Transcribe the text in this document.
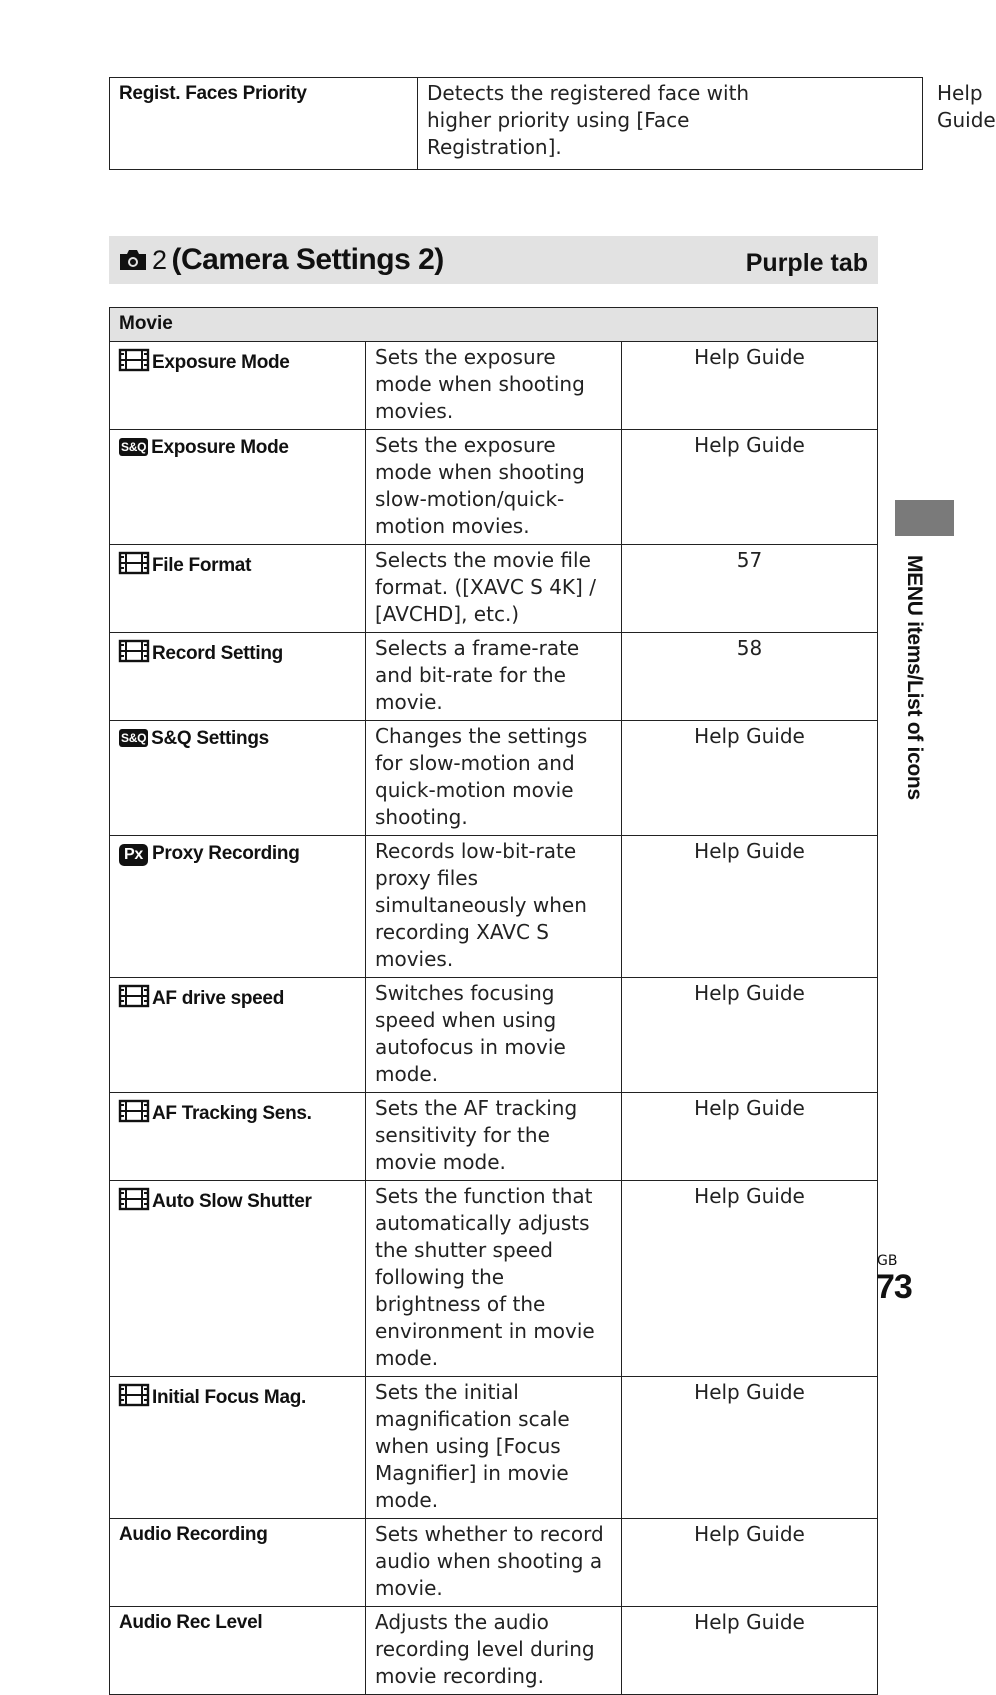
Regist. Faces Priority	Detects the registered face with higher priority using [Face Registration].	Help Guide
2 (Camera Settings 2)	Purple tab
Movie		
Exposure Mode	Sets the exposure mode when shooting movies.	Help Guide
S&Q Exposure Mode	Sets the exposure mode when shooting slow-motion/quick-motion movies.	Help Guide
File Format	Selects the movie file format. ([XAVC S 4K] / [AVCHD], etc.)	57
Record Setting	Selects a frame-rate and bit-rate for the movie.	58
S&Q S&Q Settings	Changes the settings for slow-motion and quick-motion movie shooting.	Help Guide
Px Proxy Recording	Records low-bit-rate proxy files simultaneously when recording XAVC S movies.	Help Guide
AF drive speed	Switches focusing speed when using autofocus in movie mode.	Help Guide
AF Tracking Sens.	Sets the AF tracking sensitivity for the movie mode.	Help Guide
Auto Slow Shutter	Sets the function that automatically adjusts the shutter speed following the brightness of the environment in movie mode.	Help Guide
Initial Focus Mag.	Sets the initial magnification scale when using [Focus Magnifier] in movie mode.	Help Guide
Audio Recording	Sets whether to record audio when shooting a movie.	Help Guide
Audio Rec Level	Adjusts the audio recording level during movie recording.	Help Guide
MENU items/List of icons
GB
73
